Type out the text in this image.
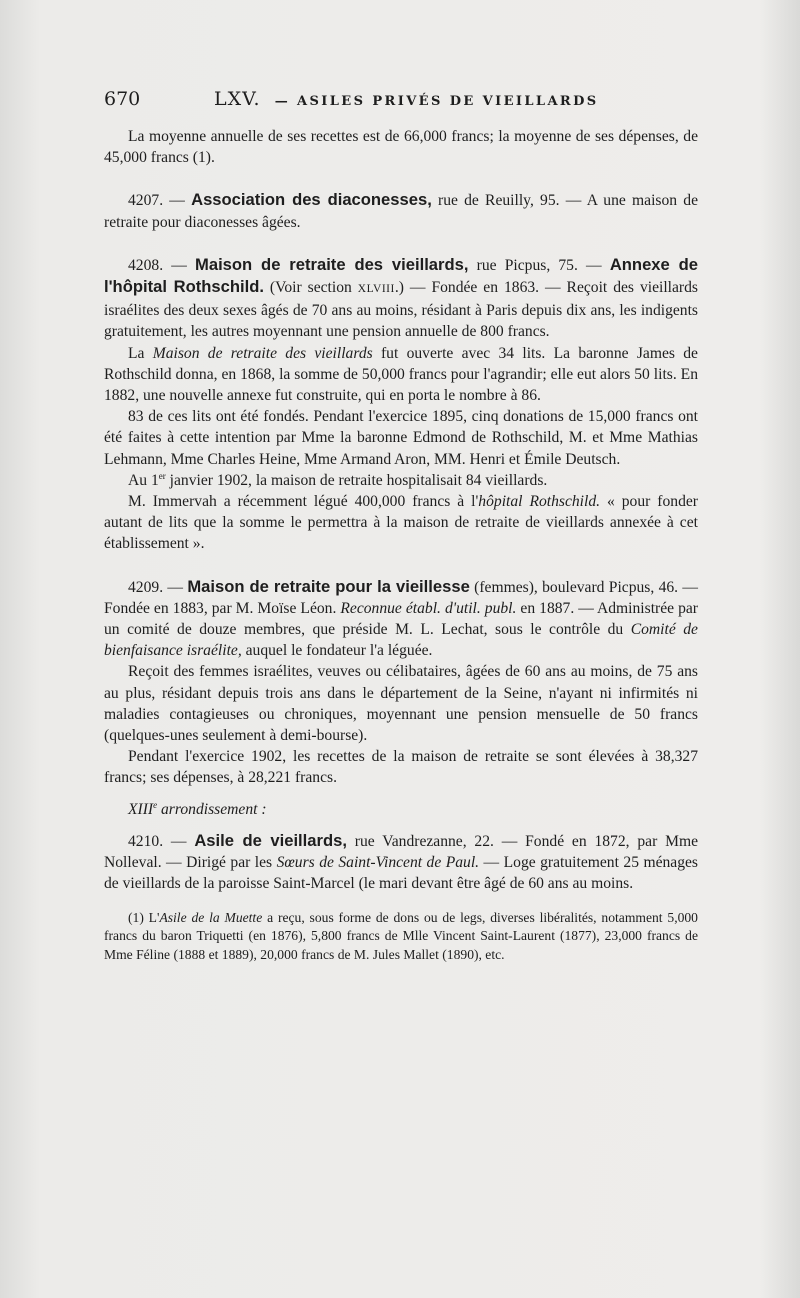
670	LXV. — ASILES PRIVÉS DE VIEILLARDS

La moyenne annuelle de ses recettes est de 66,000 francs; la moyenne de ses dépenses, de 45,000 francs (1).

4207. — Association des diaconesses, rue de Reuilly, 95. — A une maison de retraite pour diaconesses âgées.

4208. — Maison de retraite des vieillards, rue Picpus, 75. — Annexe de l'hôpital Rothschild. (Voir section XLVIII.) — Fondée en 1863. — Reçoit des vieillards israélites des deux sexes âgés de 70 ans au moins, résidant à Paris depuis dix ans, les indigents gratuitement, les autres moyennant une pension annuelle de 800 francs.

La Maison de retraite des vieillards fut ouverte avec 34 lits. La baronne James de Rothschild donna, en 1868, la somme de 50,000 francs pour l'agrandir; elle eut alors 50 lits. En 1882, une nouvelle annexe fut construite, qui en porta le nombre à 86.

83 de ces lits ont été fondés. Pendant l'exercice 1895, cinq donations de 15,000 francs ont été faites à cette intention par Mme la baronne Edmond de Rothschild, M. et Mme Mathias Lehmann, Mme Charles Heine, Mme Armand Aron, MM. Henri et Émile Deutsch.

Au 1er janvier 1902, la maison de retraite hospitalisait 84 vieillards.

M. Immervah a récemment légué 400,000 francs à l'hôpital Rothschild. « pour fonder autant de lits que la somme le permettra à la maison de retraite de vieillards annexée à cet établissement ».

4209. — Maison de retraite pour la vieillesse (femmes), boulevard Picpus, 46. — Fondée en 1883, par M. Moïse Léon. Reconnue établ. d'util. publ. en 1887. — Administrée par un comité de douze membres, que préside M. L. Lechat, sous le contrôle du Comité de bienfaisance israélite, auquel le fondateur l'a léguée.

Reçoit des femmes israélites, veuves ou célibataires, âgées de 60 ans au moins, de 75 ans au plus, résidant depuis trois ans dans le département de la Seine, n'ayant ni infirmités ni maladies contagieuses ou chroniques, moyennant une pension mensuelle de 50 francs (quelques-unes seulement à demi-bourse).

Pendant l'exercice 1902, les recettes de la maison de retraite se sont élevées à 38,327 francs; ses dépenses, à 28,221 francs.

XIIIe arrondissement :

4210. — Asile de vieillards, rue Vandrezanne, 22. — Fondé en 1872, par Mme Nolleval. — Dirigé par les Sœurs de Saint-Vincent de Paul. — Loge gratuitement 25 ménages de vieillards de la paroisse Saint-Marcel (le mari devant être âgé de 60 ans au moins.

(1) L'Asile de la Muette a reçu, sous forme de dons ou de legs, diverses libéralités, notamment 5,000 francs du baron Triquetti (en 1876), 5,800 francs de Mlle Vincent Saint-Laurent (1877), 23,000 francs de Mme Féline (1888 et 1889), 20,000 francs de M. Jules Mallet (1890), etc.
